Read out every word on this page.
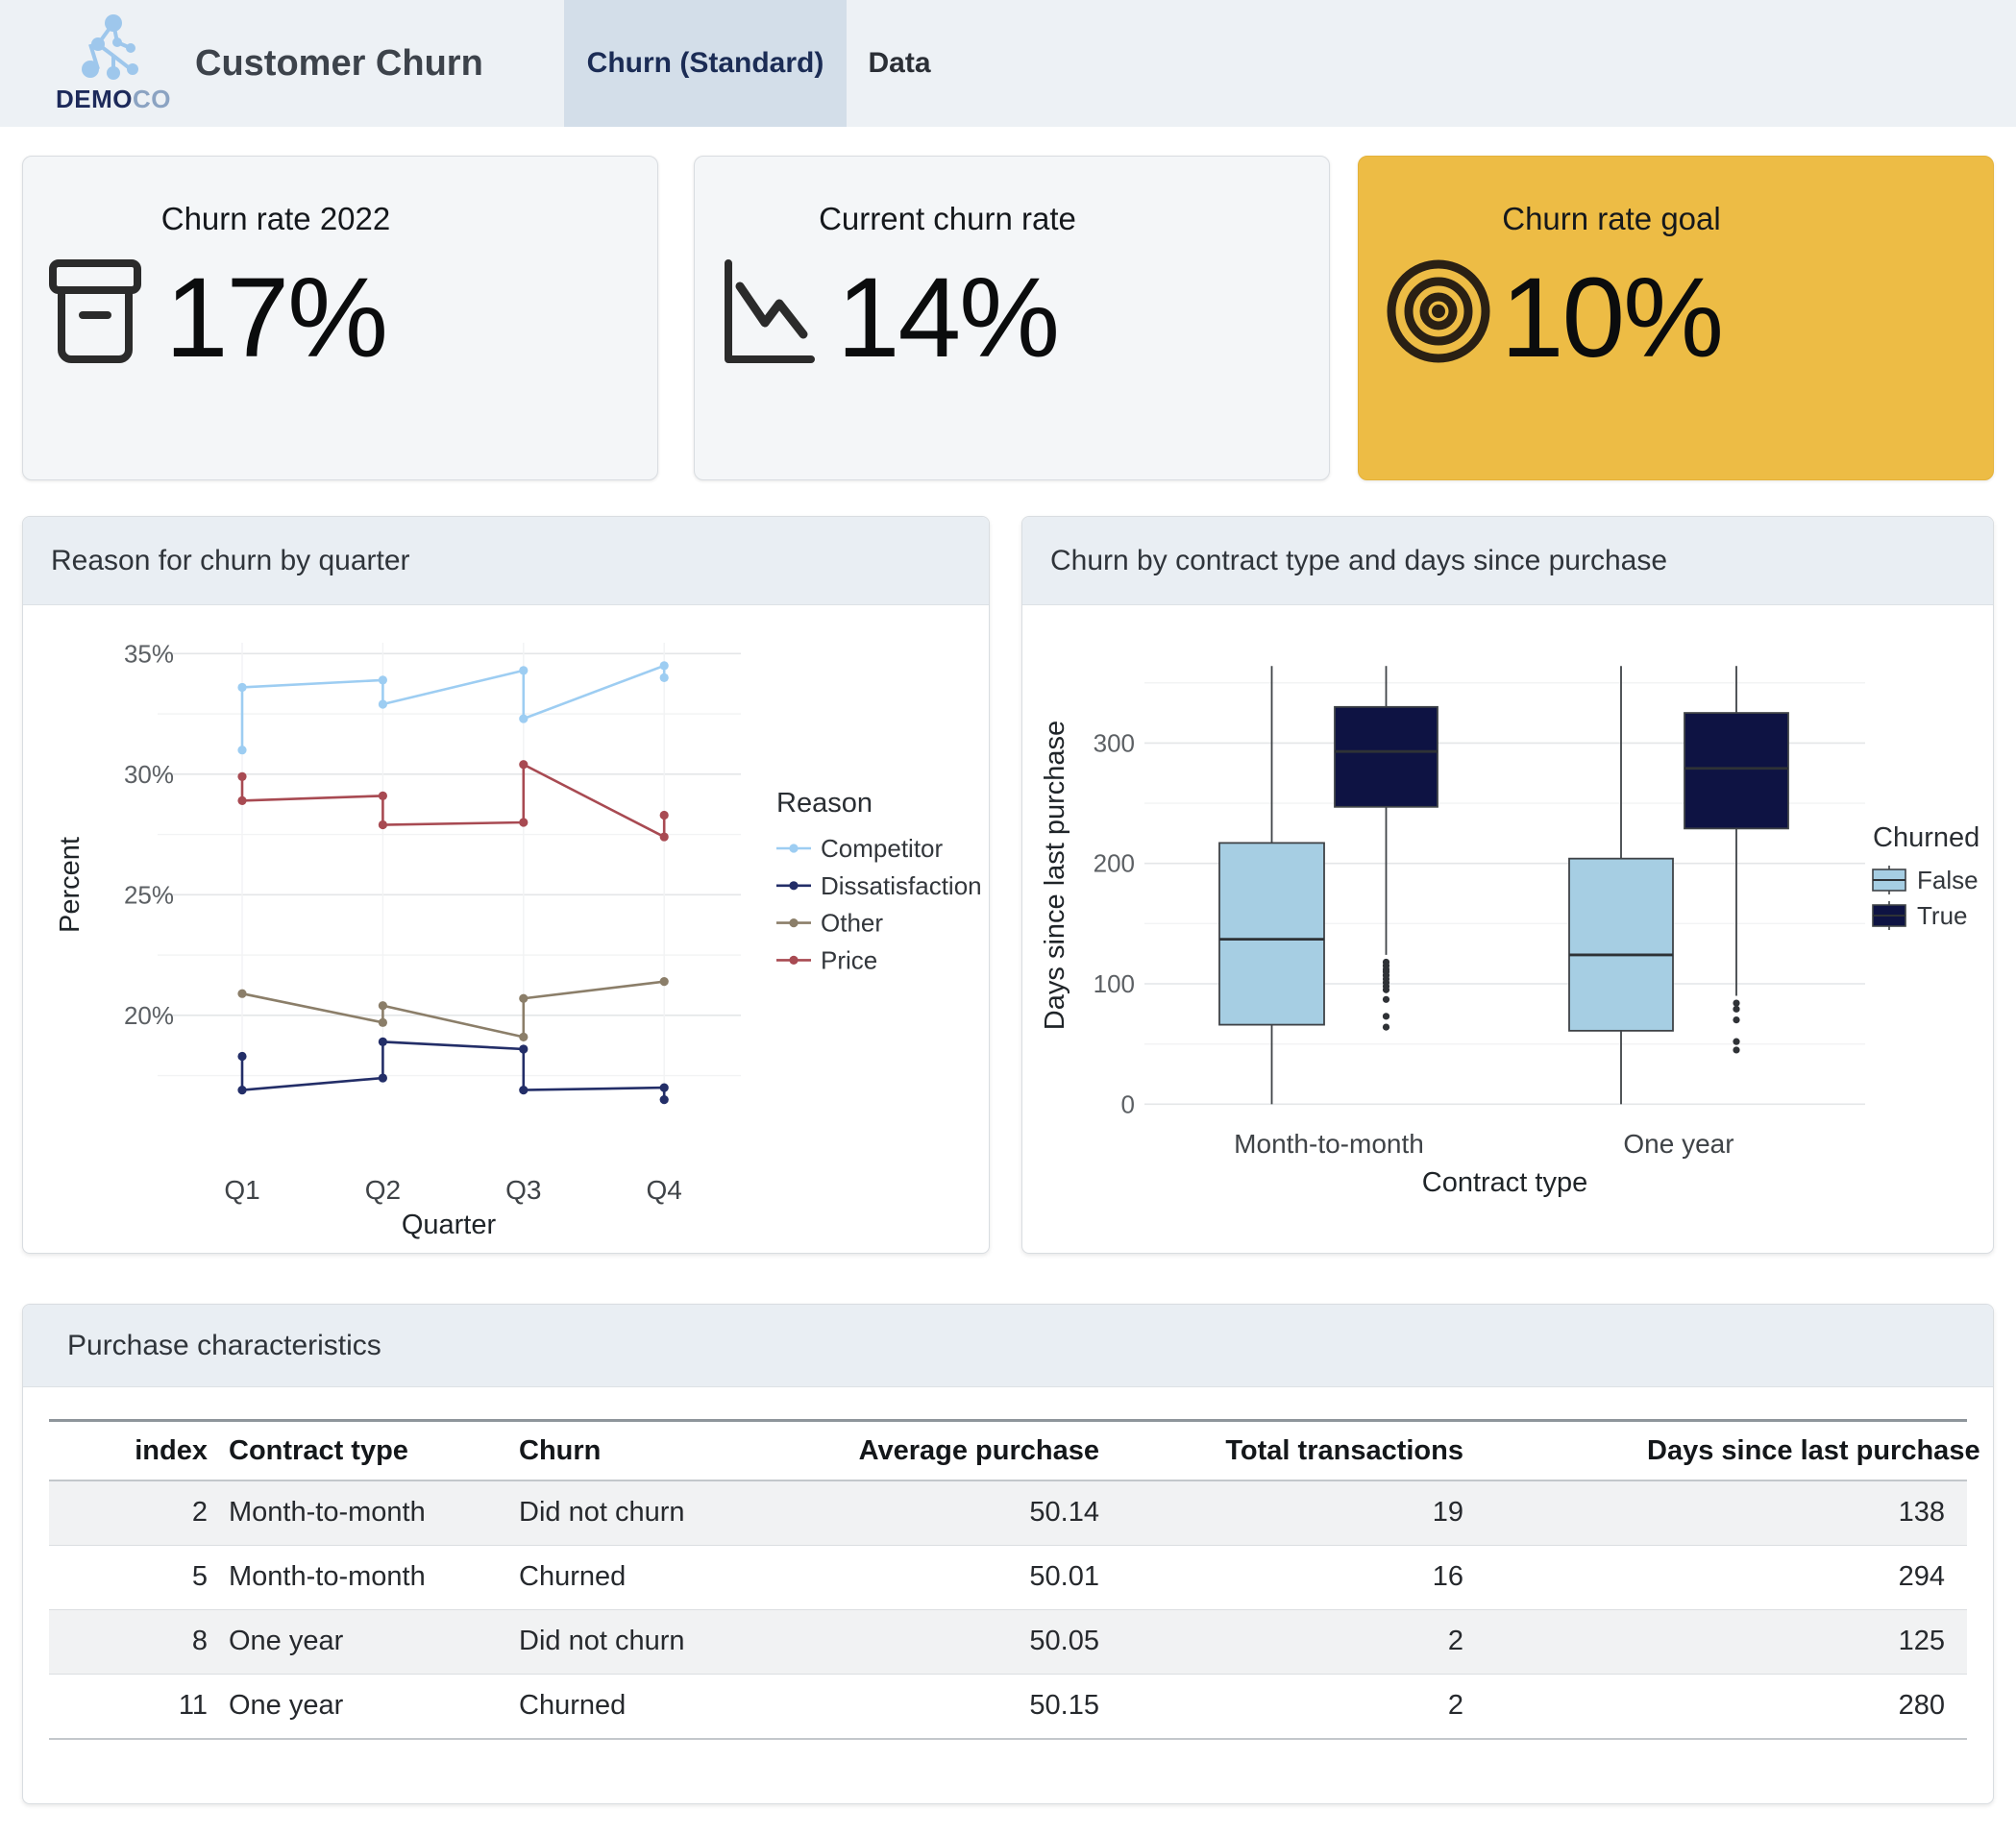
DEMOCO
Customer Churn	Churn (Standard)	Data
Churn rate 2022
17%
Current churn rate
14%
Churn rate goal
10%
Reason for churn by quarter
35%
30%
25%
20%
Q1	Q2	Q3	Q4
Quarter
Percent
Reason
Competitor
Dissatisfaction
Other
Price
Churn by contract type and days since purchase
0
100
200
300
Month-to-month	One year
Contract type
Days since last purchase	Churned
False
True
Purchase characteristics
index Contract type	Churn	Average purchase	Total transactions	Days since last purchase
2 Month-to-month	Did not churn	50.14	19	138
5 Month-to-month	Churned	50.01	16	294
8 One year	Did not churn	50.05	2	125
11 One year	Churned	50.15	2	280
